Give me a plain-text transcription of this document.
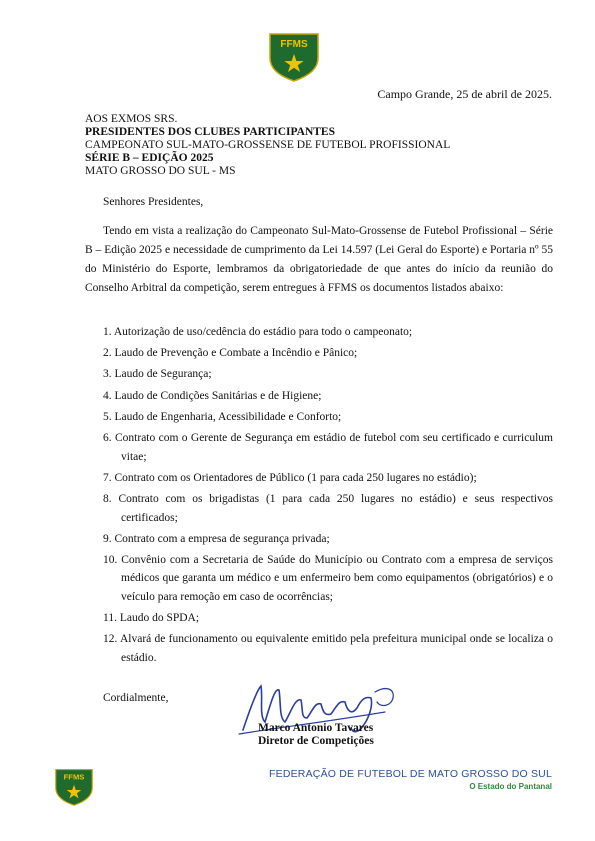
FFMS
Campo Grande, 25 de abril de 2025.
AOS EXMOS SRS.
PRESIDENTES DOS CLUBES PARTICIPANTES
CAMPEONATO SUL-MATO-GROSSENSE DE FUTEBOL PROFISSIONAL
SÉRIE B – EDIÇÃO 2025
MATO GROSSO DO SUL - MS
Senhores Presidentes,
Tendo em vista a realização do Campeonato Sul-Mato-Grossense de Futebol Profissional – Série B – Edição 2025 e necessidade de cumprimento da Lei 14.597 (Lei Geral do Esporte) e Portaria nº 55 do Ministério do Esporte, lembramos da obrigatoriedade de que antes do início da reunião do Conselho Arbitral da competição, serem entregues à FFMS os documentos listados abaixo:
1. Autorização de uso/cedência do estádio para todo o campeonato;
2. Laudo de Prevenção e Combate a Incêndio e Pânico;
3. Laudo de Segurança;
4. Laudo de Condições Sanitárias e de Higiene;
5. Laudo de Engenharia, Acessibilidade e Conforto;
6. Contrato com o Gerente de Segurança em estádio de futebol com seu certificado e curriculum vitae;
7. Contrato com os Orientadores de Público (1 para cada 250 lugares no estádio);
8. Contrato com os brigadistas (1 para cada 250 lugares no estádio) e seus respectivos certificados;
9. Contrato com a empresa de segurança privada;
10. Convênio com a Secretaria de Saúde do Município ou Contrato com a empresa de serviços médicos que garanta um médico e um enfermeiro bem como equipamentos (obrigatórios) e o veículo para remoção em caso de ocorrências;
11. Laudo do SPDA;
12. Alvará de funcionamento ou equivalente emitido pela prefeitura municipal onde se localiza o estádio.
Cordialmente,
Marco Antonio Tavares
Diretor de Competições
FFMS	FEDERAÇÃO DE FUTEBOL DE MATO GROSSO DO SUL
O Estado do Pantanal
